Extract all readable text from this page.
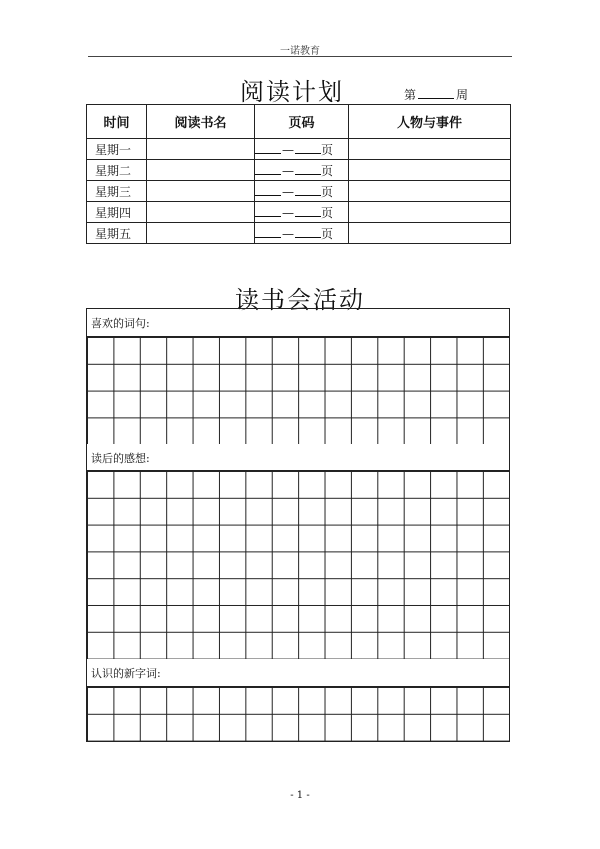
一诺教育
阅读计划	第	周
时间	阅读书名	页码	人物与事件
星期一		— 页	
星期二		— 页	
星期三		— 页	
星期四		— 页	
星期五		— 页	
读书会活动
喜欢的词句:
读后的感想:
认识的新字词:
- 1 -
